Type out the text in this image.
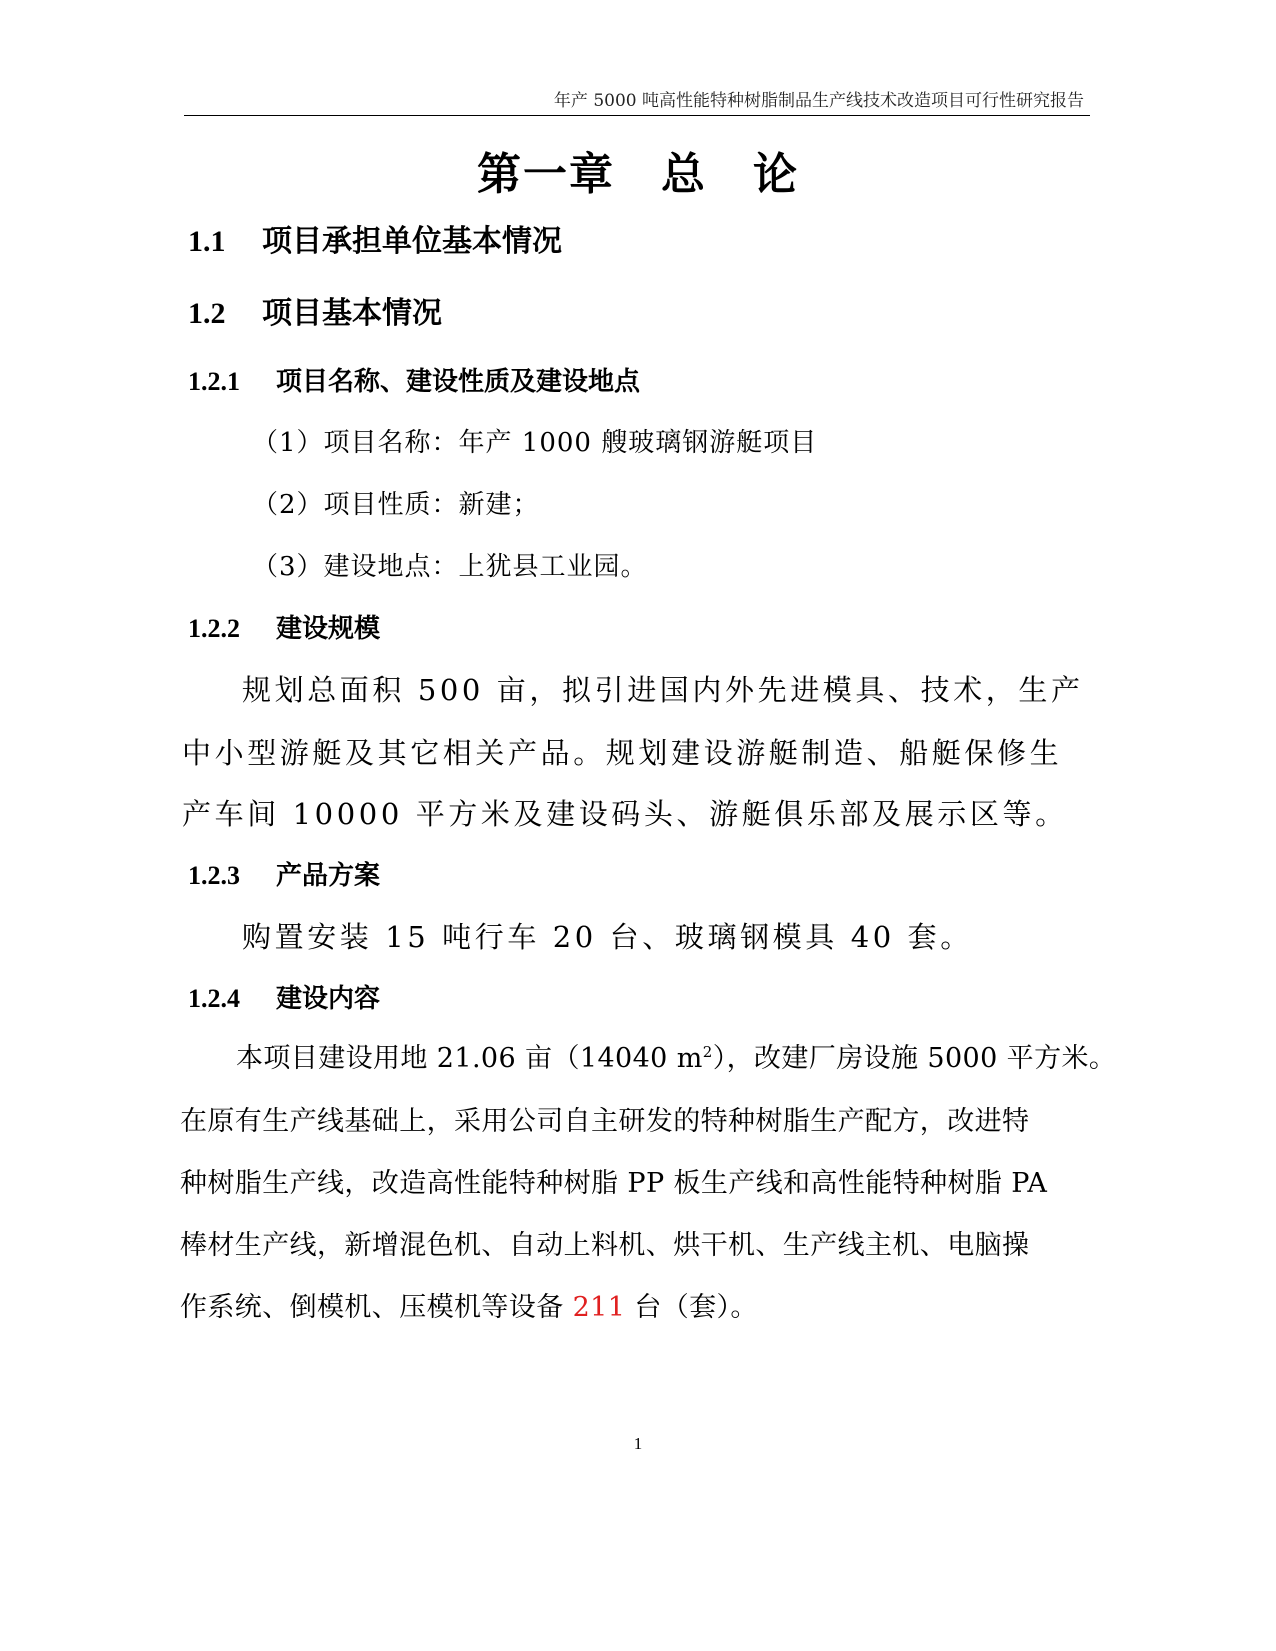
年产 5000 吨高性能特种树脂制品生产线技术改造项目可行性研究报告
第一章 总 论
1.1 项目承担单位基本情况
1.2 项目基本情况
1.2.1 项目名称、建设性质及建设地点
（1）项目名称：年产 1000 艘玻璃钢游艇项目
（2）项目性质：新建；
（3）建设地点：上犹县工业园。
1.2.2 建设规模
规划总面积 500 亩，拟引进国内外先进模具、技术，生产
中小型游艇及其它相关产品。规划建设游艇制造、船艇保修生
产车间 10000 平方米及建设码头、游艇俱乐部及展示区等。
1.2.3 产品方案
购置安装 15 吨行车 20 台、玻璃钢模具 40 套。
1.2.4 建设内容
本项目建设用地 21.06 亩（14040 $m^2$），改建厂房设施 5000 平方米。
在原有生产线基础上，采用公司自主研发的特种树脂生产配方，改进特
种树脂生产线，改造高性能特种树脂 PP 板生产线和高性能特种树脂 PA
棒材生产线，新增混色机、自动上料机、烘干机、生产线主机、电脑操
作系统、倒模机、压模机等设备 211 台（套）。
1
